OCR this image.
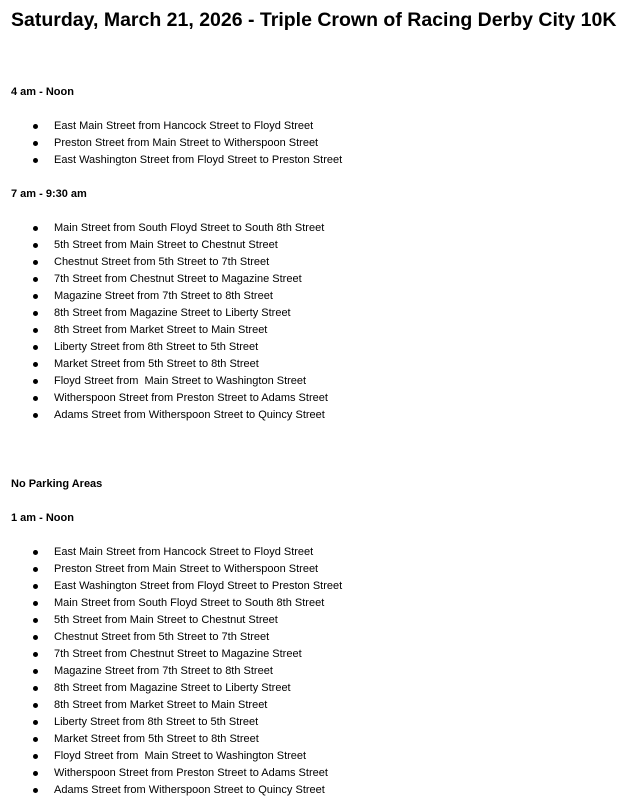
Saturday, March 21, 2026 - Triple Crown of Racing Derby City 10K
4 am - Noon
East Main Street from Hancock Street to Floyd Street
Preston Street from Main Street to Witherspoon Street
East Washington Street from Floyd Street to Preston Street
7 am - 9:30 am
Main Street from South Floyd Street to South 8th Street
5th Street from Main Street to Chestnut Street
Chestnut Street from 5th Street to 7th Street
7th Street from Chestnut Street to Magazine Street
Magazine Street from 7th Street to 8th Street
8th Street from Magazine Street to Liberty Street
8th Street from Market Street to Main Street
Liberty Street from 8th Street to 5th Street
Market Street from 5th Street to 8th Street
Floyd Street from  Main Street to Washington Street
Witherspoon Street from Preston Street to Adams Street
Adams Street from Witherspoon Street to Quincy Street
No Parking Areas
1 am - Noon
East Main Street from Hancock Street to Floyd Street
Preston Street from Main Street to Witherspoon Street
East Washington Street from Floyd Street to Preston Street
Main Street from South Floyd Street to South 8th Street
5th Street from Main Street to Chestnut Street
Chestnut Street from 5th Street to 7th Street
7th Street from Chestnut Street to Magazine Street
Magazine Street from 7th Street to 8th Street
8th Street from Magazine Street to Liberty Street
8th Street from Market Street to Main Street
Liberty Street from 8th Street to 5th Street
Market Street from 5th Street to 8th Street
Floyd Street from  Main Street to Washington Street
Witherspoon Street from Preston Street to Adams Street
Adams Street from Witherspoon Street to Quincy Street
